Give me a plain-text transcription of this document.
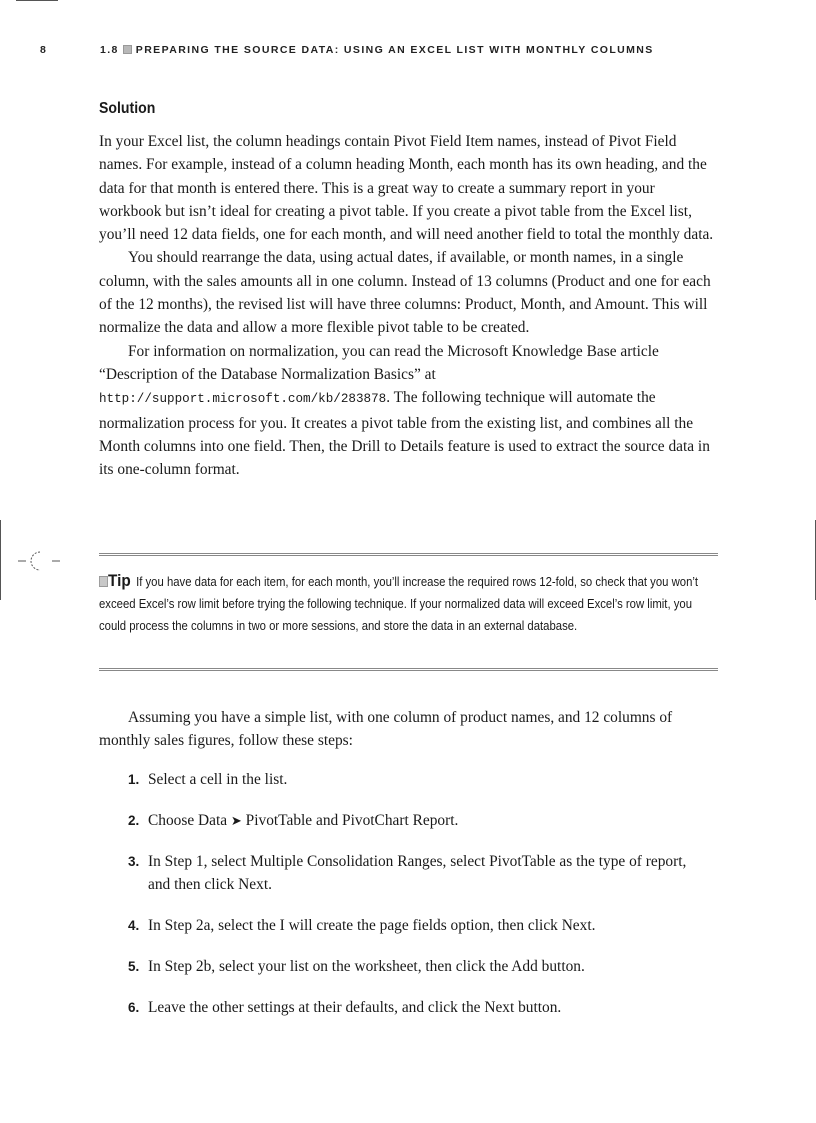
8	1.8 PREPARING THE SOURCE DATA: USING AN EXCEL LIST WITH MONTHLY COLUMNS
Solution

In your Excel list, the column headings contain Pivot Field Item names, instead of Pivot Field names. For example, instead of a column heading Month, each month has its own heading, and the data for that month is entered there. This is a great way to create a summary report in your workbook but isn’t ideal for creating a pivot table. If you create a pivot table from the Excel list, you’ll need 12 data fields, one for each month, and will need another field to total the monthly data.

You should rearrange the data, using actual dates, if available, or month names, in a single column, with the sales amounts all in one column. Instead of 13 columns (Product and one for each of the 12 months), the revised list will have three columns: Product, Month, and Amount. This will normalize the data and allow a more flexible pivot table to be created.

For information on normalization, you can read the Microsoft Knowledge Base article “Description of the Database Normalization Basics” at http://support.microsoft.com/kb/283878. The following technique will automate the normalization process for you. It creates a pivot table from the existing list, and combines all the Month columns into one field. Then, the Drill to Details feature is used to extract the source data in its one-column format.

Tip If you have data for each item, for each month, you’ll increase the required rows 12-fold, so check that you won’t exceed Excel’s row limit before trying the following technique. If your normalized data will exceed Excel’s row limit, you could process the columns in two or more sessions, and store the data in an external database.

Assuming you have a simple list, with one column of product names, and 12 columns of monthly sales figures, follow these steps:

1. Select a cell in the list.
2. Choose Data ➤ PivotTable and PivotChart Report.
3. In Step 1, select Multiple Consolidation Ranges, select PivotTable as the type of report, and then click Next.
4. In Step 2a, select the I will create the page fields option, then click Next.
5. In Step 2b, select your list on the worksheet, then click the Add button.
6. Leave the other settings at their defaults, and click the Next button.
